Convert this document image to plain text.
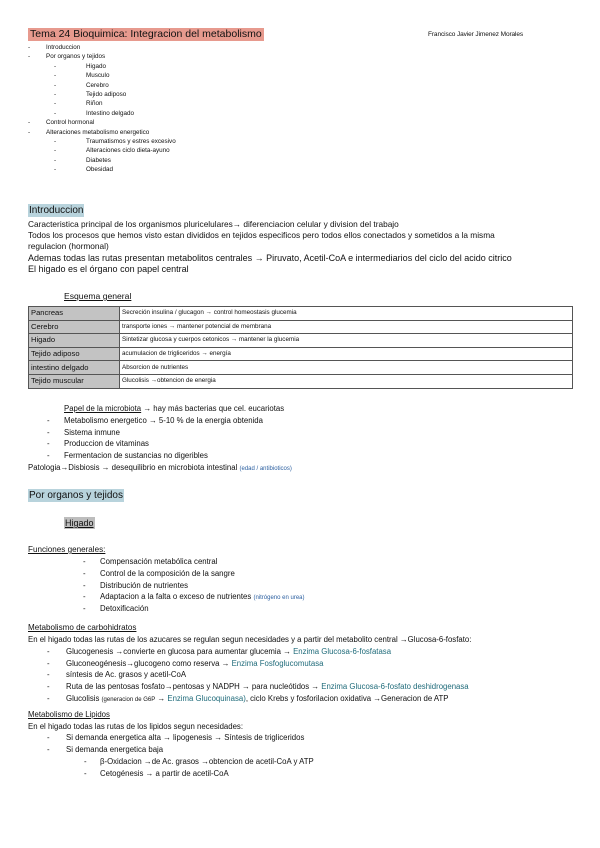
Tema 24 Bioquimica: Integracion del metabolismo	Francisco Javier Jimenez Morales
-	Introduccion
-	Por organos y tejidos
-	Higado
-	Musculo
-	Cerebro
-	Tejido adiposo
-	Riñon
-	Intestino delgado
-	Control hormonal
-	Alteraciones metabolismo energetico
-	Traumatismos y estres excesivo
-	Alteraciones ciclo dieta-ayuno
-	Diabetes
-	Obesidad
Introduccion
Caracteristica principal de los organismos pluricelulares→ diferenciacion celular y division del trabajo
Todos los procesos que hemos visto estan divididos en tejidos especificos pero todos ellos conectados y sometidos a la misma
regulacion (hormonal)
Ademas todas las rutas presentan metabolitos centrales → Piruvato, Acetil-CoA e intermediarios del ciclo del acido citrico
El higado es el órgano con papel central
Esquema general
Pancreas	Secreción insulina / glucagon → control homeostasis glucemia
Cerebro	transporte iones → mantener potencial de membrana
Higado	Sintetizar glucosa y cuerpos cetonicos → mantener la glucemia
Tejido adiposo	acumulacion de trigliceridos → energía
intestino delgado	Absorcion de nutrientes
Tejido muscular	Glucolisis →obtencion de energia
Papel de la microbiota → hay más bacterias que cel. eucariotas
- Metabolismo energetico → 5-10 % de la energia obtenida
- Sistema inmune
- Produccion de vitaminas
- Fermentacion de sustancias no digeribles
Patologia→Disbiosis → desequilibrio en microbiota intestinal (edad / antibioticos)
Por organos y tejidos
Higado
Funciones generales:
- Compensación metabólica central
- Control de la composición de la sangre
- Distribución de nutrientes
- Adaptacion a la falta o exceso de nutrientes (nitrógeno en urea)
- Detoxificación
Metabolismo de carbohidratos
En el higado todas las rutas de los azucares se regulan segun necesidades y a partir del metabolito central →Glucosa-6-fosfato:
- Glucogenesis →convierte en glucosa para aumentar glucemia → Enzima Glucosa-6-fosfatasa
- Gluconeogénesis→glucogeno como reserva → Enzima Fosfoglucomutasa
- síntesis de Ac. grasos y acetil-CoA
- Ruta de las pentosas fosfato→pentosas y NADPH → para nucleótidos → Enzima Glucosa-6-fosfato deshidrogenasa
- Glucolisis (generacion de G6P → Enzima Glucoquinasa), ciclo Krebs y fosforilacion oxidativa →Generacion de ATP
Metabolismo de Lipidos
En el higado todas las rutas de los lipidos segun necesidades:
- Si demanda energetica alta → lipogenesis → Síntesis de trigliceridos
- Si demanda energetica baja
- β-Oxidacion →de Ac. grasos →obtencion de acetil-CoA y ATP
- Cetogénesis → a partir de acetil-CoA
